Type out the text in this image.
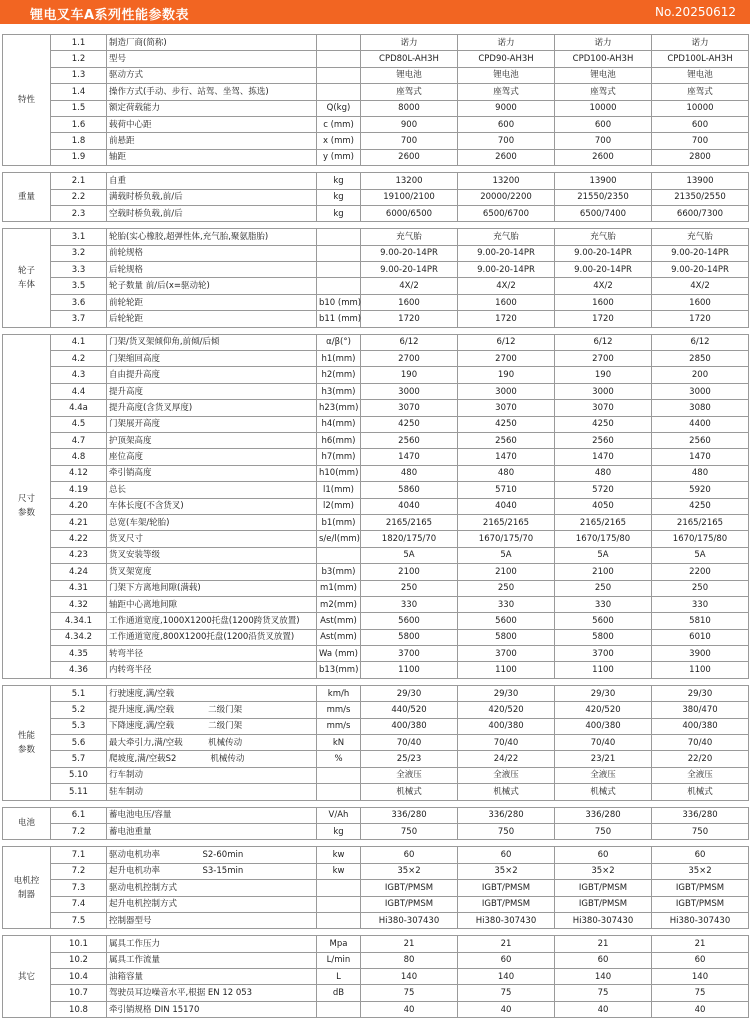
锂电叉车A系列性能参数表	No.20250612
特性	1.1	制造厂商(简称)		诺力	诺力	诺力	诺力
	1.2	型号		CPD80L-AH3H	CPD90-AH3H	CPD100-AH3H	CPD100L-AH3H
	1.3	驱动方式		锂电池	锂电池	锂电池	锂电池
	1.4	操作方式(手动、步行、站驾、坐驾、拣选)		座驾式	座驾式	座驾式	座驾式
	1.5	额定荷载能力	Q(kg)	8000	9000	10000	10000
	1.6	载荷中心距	c (mm)	900	600	600	600
	1.8	前悬距	x (mm)	700	700	700	700
	1.9	轴距	y (mm)	2600	2600	2600	2800
重量	2.1	自重	kg	13200	13200	13900	13900
	2.2	满载时桥负载,前/后	kg	19100/2100	20000/2200	21550/2350	21350/2550
	2.3	空载时桥负载,前/后	kg	6000/6500	6500/6700	6500/7400	6600/7300
轮子
车体	3.1	轮胎(实心橡胶,超弹性体,充气胎,聚氨脂胎)		充气胎	充气胎	充气胎	充气胎
	3.2	前轮规格		9.00-20-14PR	9.00-20-14PR	9.00-20-14PR	9.00-20-14PR
	3.3	后轮规格		9.00-20-14PR	9.00-20-14PR	9.00-20-14PR	9.00-20-14PR
	3.5	轮子数量 前/后(x=驱动轮)		4X/2	4X/2	4X/2	4X/2
	3.6	前轮轮距	b10 (mm)	1600	1600	1600	1600
	3.7	后轮轮距	b11 (mm)	1720	1720	1720	1720
尺寸
参数	4.1	门架/货叉架倾仰角,前倾/后倾	α/β(°)	6/12	6/12	6/12	6/12
	4.2	门架缩回高度	h1(mm)	2700	2700	2700	2850
	4.3	自由提升高度	h2(mm)	190	190	190	200
	4.4	提升高度	h3(mm)	3000	3000	3000	3000
	4.4a	提升高度(含货叉厚度)	h23(mm)	3070	3070	3070	3080
	4.5	门架展开高度	h4(mm)	4250	4250	4250	4400
	4.7	护顶架高度	h6(mm)	2560	2560	2560	2560
	4.8	座位高度	h7(mm)	1470	1470	1470	1470
	4.12	牵引销高度	h10(mm)	480	480	480	480
	4.19	总长	l1(mm)	5860	5710	5720	5920
	4.20	车体长度(不含货叉)	l2(mm)	4040	4040	4050	4250
	4.21	总宽(车架/轮胎)	b1(mm)	2165/2165	2165/2165	2165/2165	2165/2165
	4.22	货叉尺寸	s/e/l(mm)	1820/175/70	1670/175/70	1670/175/80	1670/175/80
	4.23	货叉安装等级		5A	5A	5A	5A
	4.24	货叉架宽度	b3(mm)	2100	2100	2100	2200
	4.31	门架下方离地间隙(满载)	m1(mm)	250	250	250	250
	4.32	轴距中心离地间隙	m2(mm)	330	330	330	330
	4.34.1	工作通道宽度,1000X1200托盘(1200跨货叉放置)	Ast(mm)	5600	5600	5600	5810
	4.34.2	工作通道宽度,800X1200托盘(1200沿货叉放置)	Ast(mm)	5800	5800	5800	6010
	4.35	转弯半径	Wa (mm)	3700	3700	3700	3900
	4.36	内转弯半径	b13(mm)	1100	1100	1100	1100
性能
参数	5.1	行驶速度,满/空载	km/h	29/30	29/30	29/30	29/30
	5.2	提升速度,满/空载　　　　二级门架	mm/s	440/520	420/520	420/520	380/470
	5.3	下降速度,满/空载　　　　二级门架	mm/s	400/380	400/380	400/380	400/380
	5.6	最大牵引力,满/空载　　　机械传动	kN	70/40	70/40	70/40	70/40
	5.7	爬坡度,满/空载S2　　　　机械传动	%	25/23	24/22	23/21	22/20
	5.10	行车制动		全液压	全液压	全液压	全液压
	5.11	驻车制动		机械式	机械式	机械式	机械式
电池	6.1	蓄电池电压/容量	V/Ah	336/280	336/280	336/280	336/280
	7.2	蓄电池重量	kg	750	750	750	750
电机控
制器	7.1	驱动电机功率　　　　　S2-60min	kw	60	60	60	60
	7.2	起升电机功率　　　　　S3-15min	kw	35×2	35×2	35×2	35×2
	7.3	驱动电机控制方式		IGBT/PMSM	IGBT/PMSM	IGBT/PMSM	IGBT/PMSM
	7.4	起升电机控制方式		IGBT/PMSM	IGBT/PMSM	IGBT/PMSM	IGBT/PMSM
	7.5	控制器型号		Hi380-307430	Hi380-307430	Hi380-307430	Hi380-307430
其它	10.1	属具工作压力	Mpa	21	21	21	21
	10.2	属具工作流量	L/min	80	60	60	60
	10.4	油箱容量	L	140	140	140	140
	10.7	驾驶员耳边噪音水平,根据 EN 12 053	dB	75	75	75	75
	10.8	牵引销规格 DIN 15170		40	40	40	40
